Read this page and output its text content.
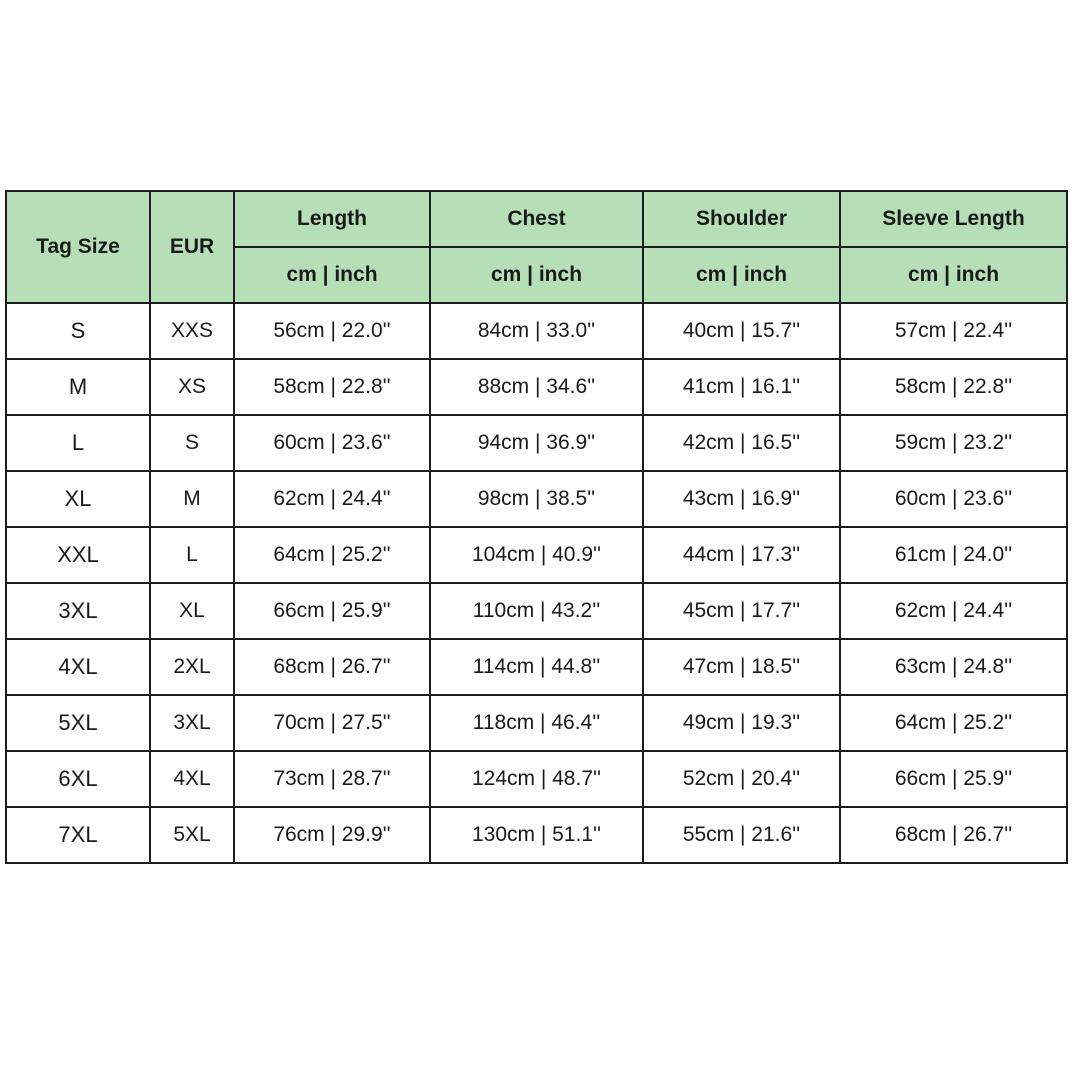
Tag Size	EUR	Length	Chest	Shoulder	Sleeve Length
		cm | inch	cm | inch	cm | inch	cm | inch
S	XXS	56cm | 22.0''	84cm | 33.0''	40cm | 15.7''	57cm | 22.4''
M	XS	58cm | 22.8''	88cm | 34.6''	41cm | 16.1''	58cm | 22.8''
L	S	60cm | 23.6''	94cm | 36.9''	42cm | 16.5''	59cm | 23.2''
XL	M	62cm | 24.4''	98cm | 38.5''	43cm | 16.9''	60cm | 23.6''
XXL	L	64cm | 25.2''	104cm | 40.9''	44cm | 17.3''	61cm | 24.0''
3XL	XL	66cm | 25.9''	110cm | 43.2''	45cm | 17.7''	62cm | 24.4''
4XL	2XL	68cm | 26.7''	114cm | 44.8''	47cm | 18.5''	63cm | 24.8''
5XL	3XL	70cm | 27.5''	118cm | 46.4''	49cm | 19.3''	64cm | 25.2''
6XL	4XL	73cm | 28.7''	124cm | 48.7''	52cm | 20.4''	66cm | 25.9''
7XL	5XL	76cm | 29.9''	130cm | 51.1''	55cm | 21.6''	68cm | 26.7''
